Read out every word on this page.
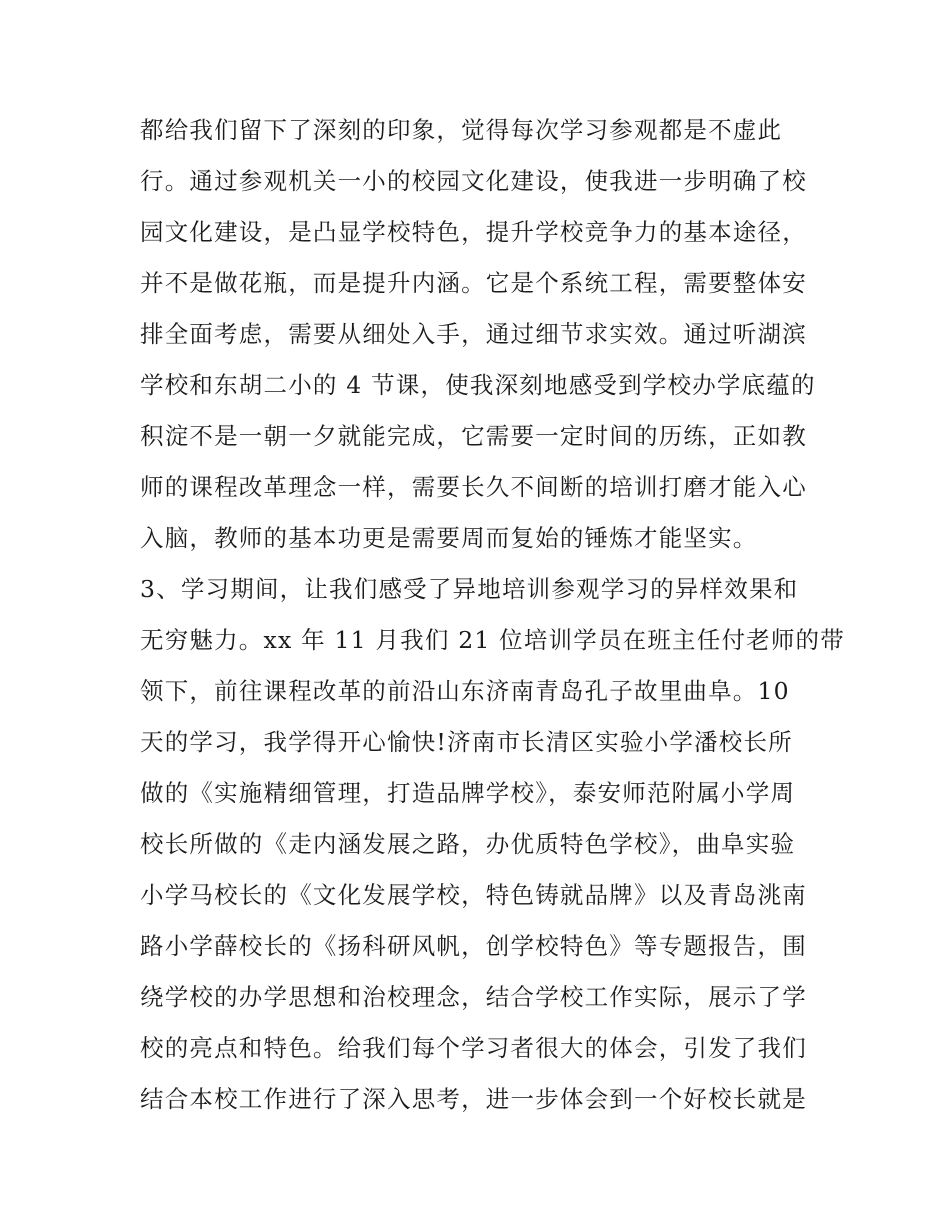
都给我们留下了深刻的印象，觉得每次学习参观都是不虚此
行。通过参观机关一小的校园文化建设，使我进一步明确了校
园文化建设，是凸显学校特色，提升学校竞争力的基本途径，
并不是做花瓶，而是提升内涵。它是个系统工程，需要整体安
排全面考虑，需要从细处入手，通过细节求实效。通过听湖滨
学校和东胡二小的 4 节课，使我深刻地感受到学校办学底蕴的
积淀不是一朝一夕就能完成，它需要一定时间的历练，正如教
师的课程改革理念一样，需要长久不间断的培训打磨才能入心
入脑，教师的基本功更是需要周而复始的锤炼才能坚实。
3、学习期间，让我们感受了异地培训参观学习的异样效果和
无穷魅力。xx 年 11 月我们 21 位培训学员在班主任付老师的带
领下，前往课程改革的前沿山东济南青岛孔子故里曲阜。10
天的学习，我学得开心愉快!济南市长清区实验小学潘校长所
做的《实施精细管理，打造品牌学校》，泰安师范附属小学周
校长所做的《走内涵发展之路，办优质特色学校》，曲阜实验
小学马校长的《文化发展学校，特色铸就品牌》以及青岛洮南
路小学薛校长的《扬科研风帆，创学校特色》等专题报告，围
绕学校的办学思想和治校理念，结合学校工作实际，展示了学
校的亮点和特色。给我们每个学习者很大的体会，引发了我们
结合本校工作进行了深入思考，进一步体会到一个好校长就是
